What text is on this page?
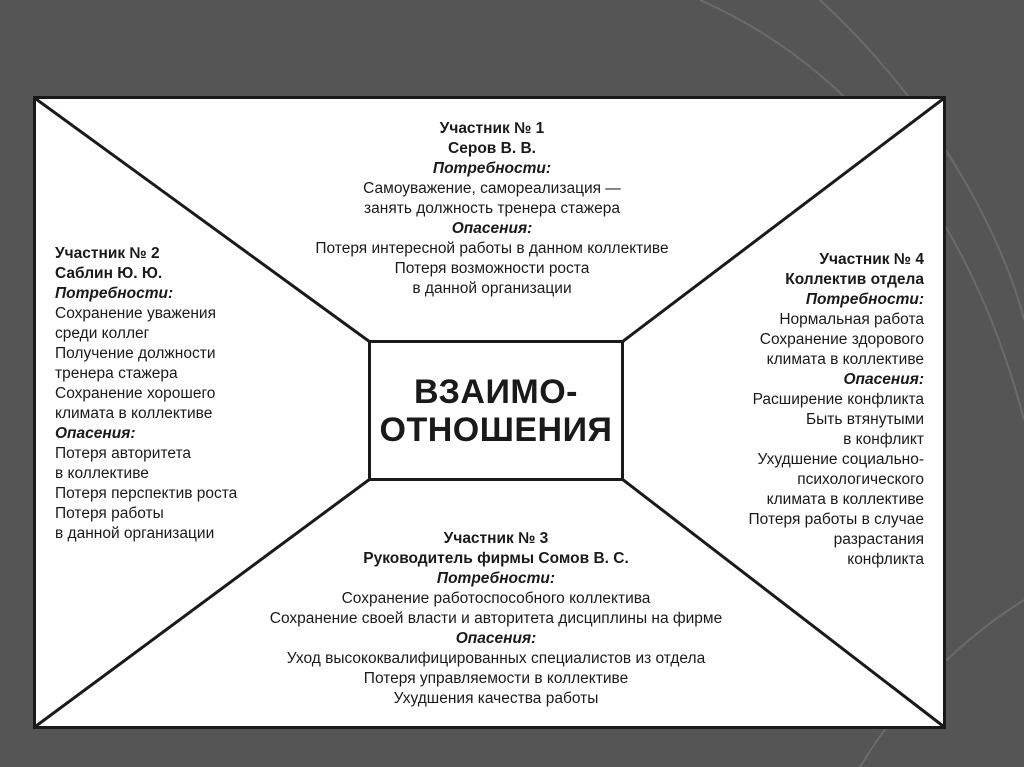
ВЗАИМО-
ОТНОШЕНИЯ
Участник № 1
Серов В. В.
Потребности:
Самоуважение, самореализация —
занять должность тренера стажера
Опасения:
Потеря интересной работы в данном коллективе
Потеря возможности роста
в данной организации
Участник № 2
Саблин Ю. Ю.
Потребности:
Сохранение уважения
среди коллег
Получение должности
тренера стажера
Сохранение хорошего
климата в коллективе
Опасения:
Потеря авторитета
в коллективе
Потеря перспектив роста
Потеря работы
в данной организации
Участник № 4
Коллектив отдела
Потребности:
Нормальная работа
Сохранение здорового
климата в коллективе
Опасения:
Расширение конфликта
Быть втянутыми
в конфликт
Ухудшение социально-
психологического
климата в коллективе
Потеря работы в случае
разрастания
конфликта
Участник № 3
Руководитель фирмы Сомов В. С.
Потребности:
Сохранение работоспособного коллектива
Сохранение своей власти и авторитета дисциплины на фирме
Опасения:
Уход высококвалифицированных специалистов из отдела
Потеря управляемости в коллективе
Ухудшения качества работы
